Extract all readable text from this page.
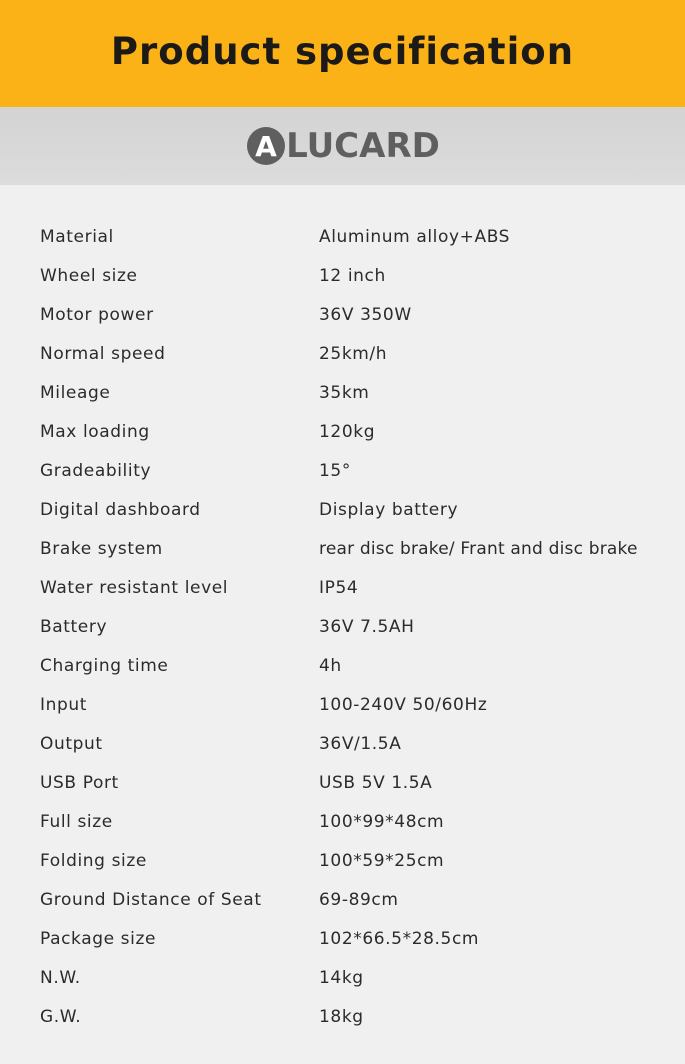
Product specification
A LUCARD
Material	Aluminum alloy+ABS
Wheel size	12 inch
Motor power	36V 350W
Normal speed	25km/h
Mileage	35km
Max loading	120kg
Gradeability	15°
Digital dashboard	Display battery
Brake system	rear disc brake/ Frant and disc brake
Water resistant level	IP54
Battery	36V 7.5AH
Charging time	4h
Input	100-240V 50/60Hz
Output	36V/1.5A
USB Port	USB 5V 1.5A
Full size	100*99*48cm
Folding size	100*59*25cm
Ground Distance of Seat	69-89cm
Package size	102*66.5*28.5cm
N.W.	14kg
G.W.	18kg
